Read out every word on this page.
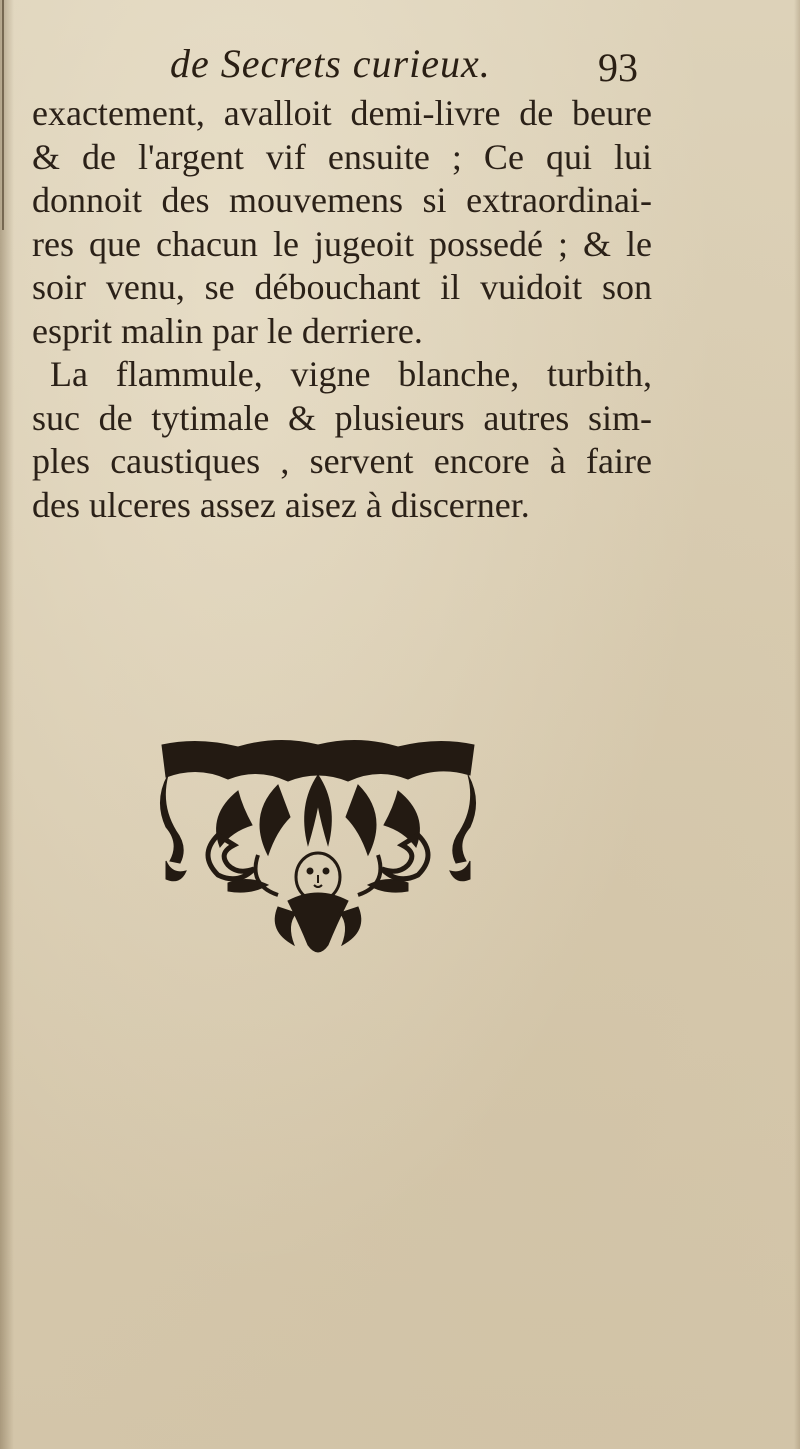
de Secrets curieux.	93
exactement, avalloit demi-livre de beure
& de l'argent vif ensuite ; Ce qui lui
donnoit des mouvemens si extraordinai-
res que chacun le jugeoit possedé ; & le
soir venu, se débouchant il vuidoit son
esprit malin par le derriere.
La flammule, vigne blanche, turbith,
suc de tytimale & plusieurs autres sim-
ples caustiques , servent encore à faire
des ulceres assez aisez à discerner.
